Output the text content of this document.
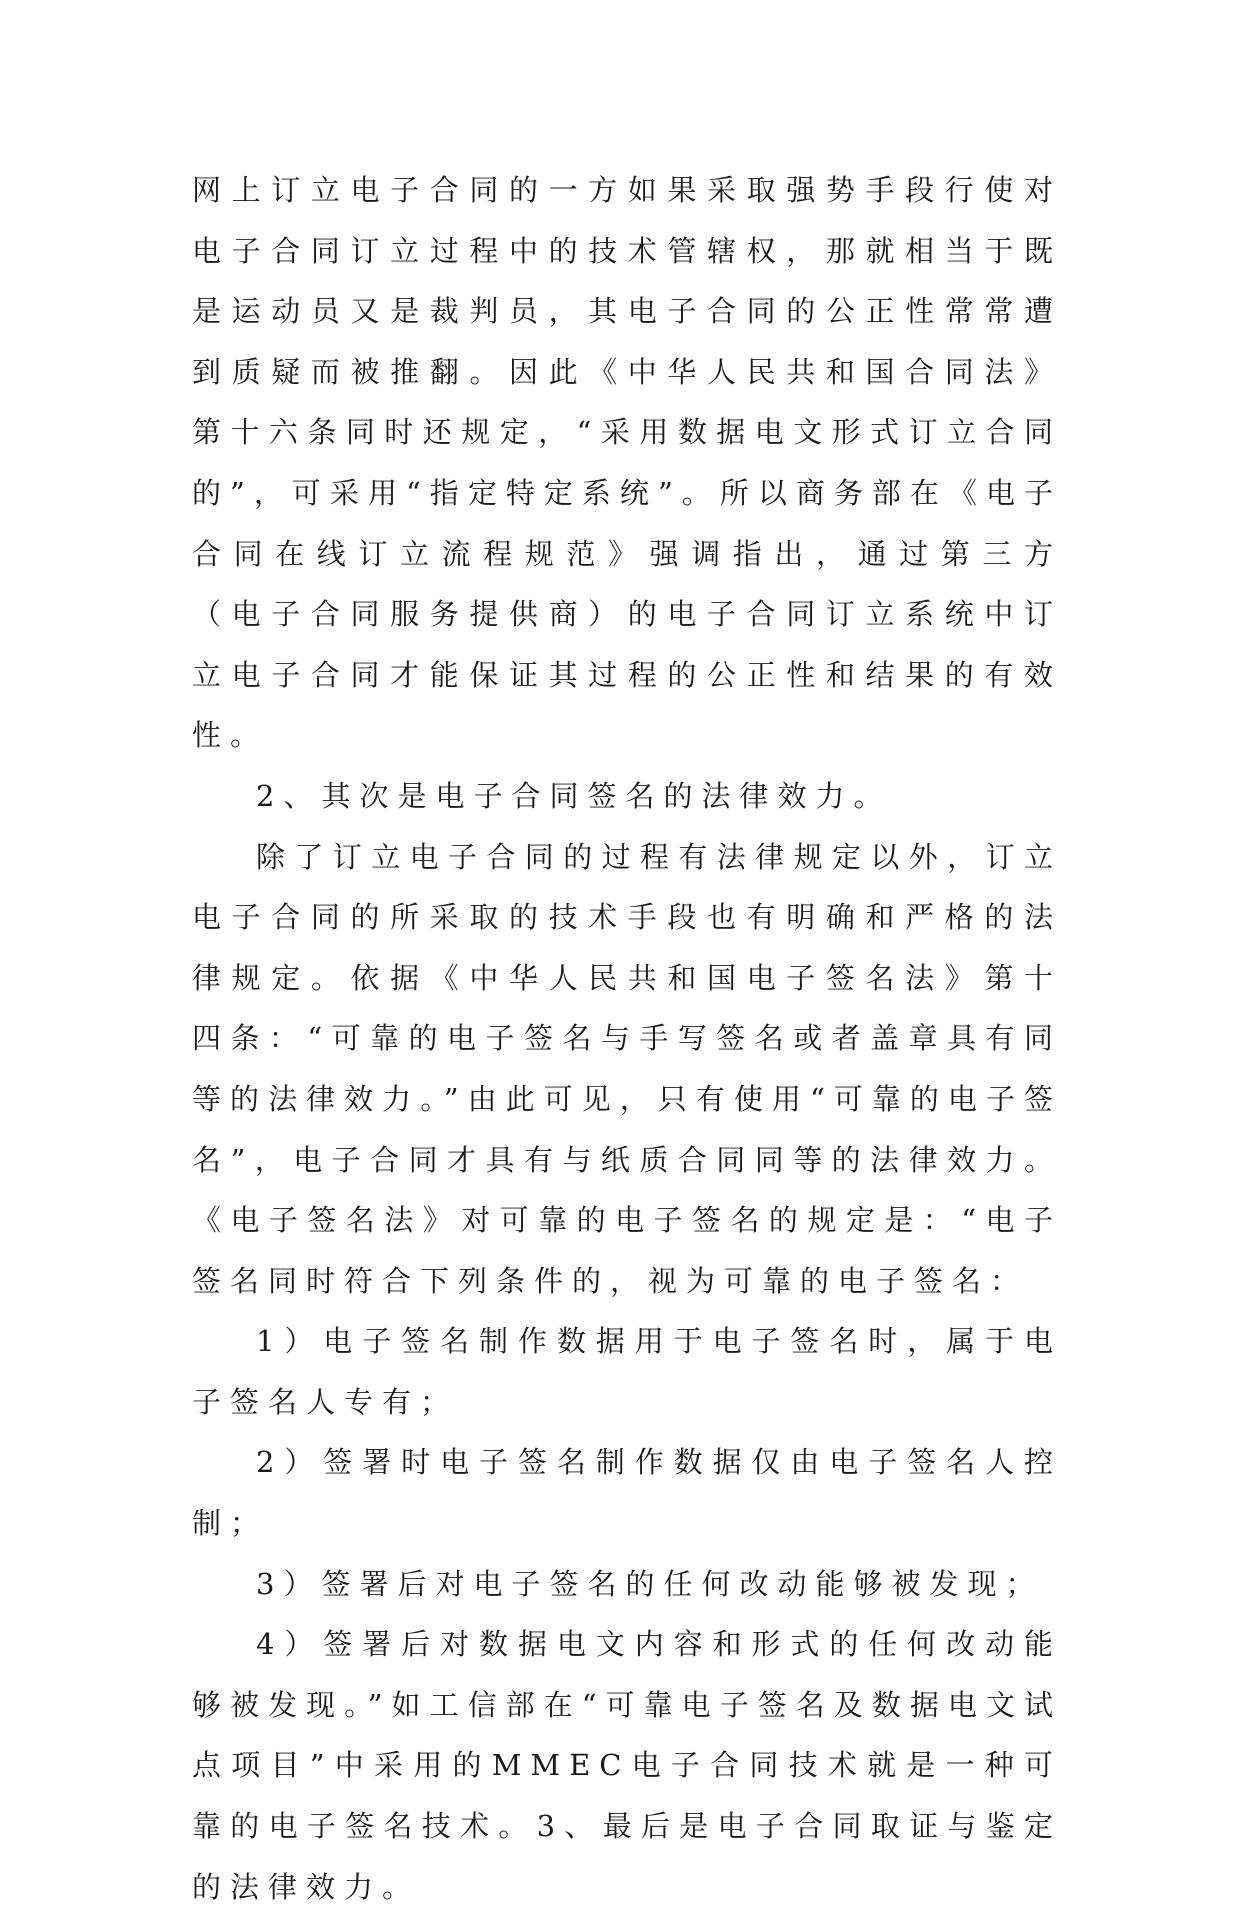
网上订立电子合同的一方如果采取强势手段行使对电子合同订立过程中的技术管辖权，那就相当于既是运动员又是裁判员，其电子合同的公正性常常遭到质疑而被推翻。因此《中华人民共和国合同法》第十六条同时还规定，“采用数据电文形式订立合同的”，可采用“指定特定系统”。所以商务部在《电子合同在线订立流程规范》强调指出，通过第三方（电子合同服务提供商）的电子合同订立系统中订立电子合同才能保证其过程的公正性和结果的有效性。

2、其次是电子合同签名的法律效力。

除了订立电子合同的过程有法律规定以外，订立电子合同的所采取的技术手段也有明确和严格的法律规定。依据《中华人民共和国电子签名法》第十四条：“可靠的电子签名与手写签名或者盖章具有同等的法律效力。”由此可见，只有使用“可靠的电子签名”，电子合同才具有与纸质合同同等的法律效力。《电子签名法》对可靠的电子签名的规定是：“电子签名同时符合下列条件的，视为可靠的电子签名：

1）电子签名制作数据用于电子签名时，属于电子签名人专有；

2）签署时电子签名制作数据仅由电子签名人控制；

3）签署后对电子签名的任何改动能够被发现；

4）签署后对数据电文内容和形式的任何改动能够被发现。”如工信部在“可靠电子签名及数据电文试点项目”中采用的MMEC电子合同技术就是一种可靠的电子签名技术。3、最后是电子合同取证与鉴定的法律效力。
